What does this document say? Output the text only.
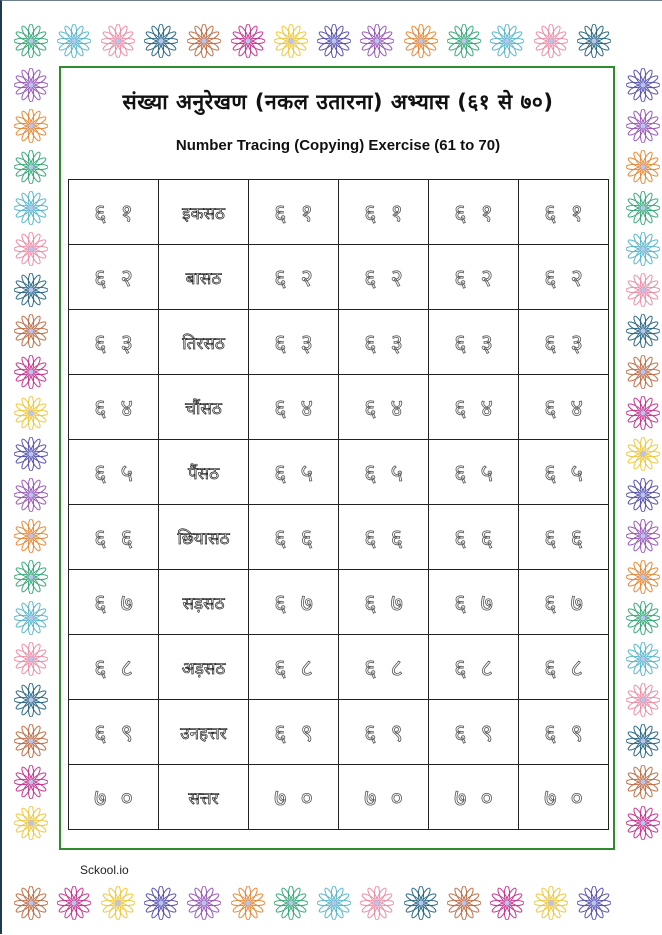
संख्या अनुरेखण (नकल उतारना) अभ्यास (६१ से ७०)
Number Tracing (Copying) Exercise (61 to 70)
६१	इकसठ	६१	६१	६१	६१
६२	बासठ	६२	६२	६२	६२
६३	तिरसठ	६३	६३	६३	६३
६४	चौंसठ	६४	६४	६४	६४
६५	पैंसठ	६५	६५	६५	६५
६६	छियासठ	६६	६६	६६	६६
६७	सड़सठ	६७	६७	६७	६७
६८	अड़सठ	६८	६८	६८	६८
६९	उनहत्तर	६९	६९	६९	६९
७०	सत्तर	७०	७०	७०	७०
Sckool.io
